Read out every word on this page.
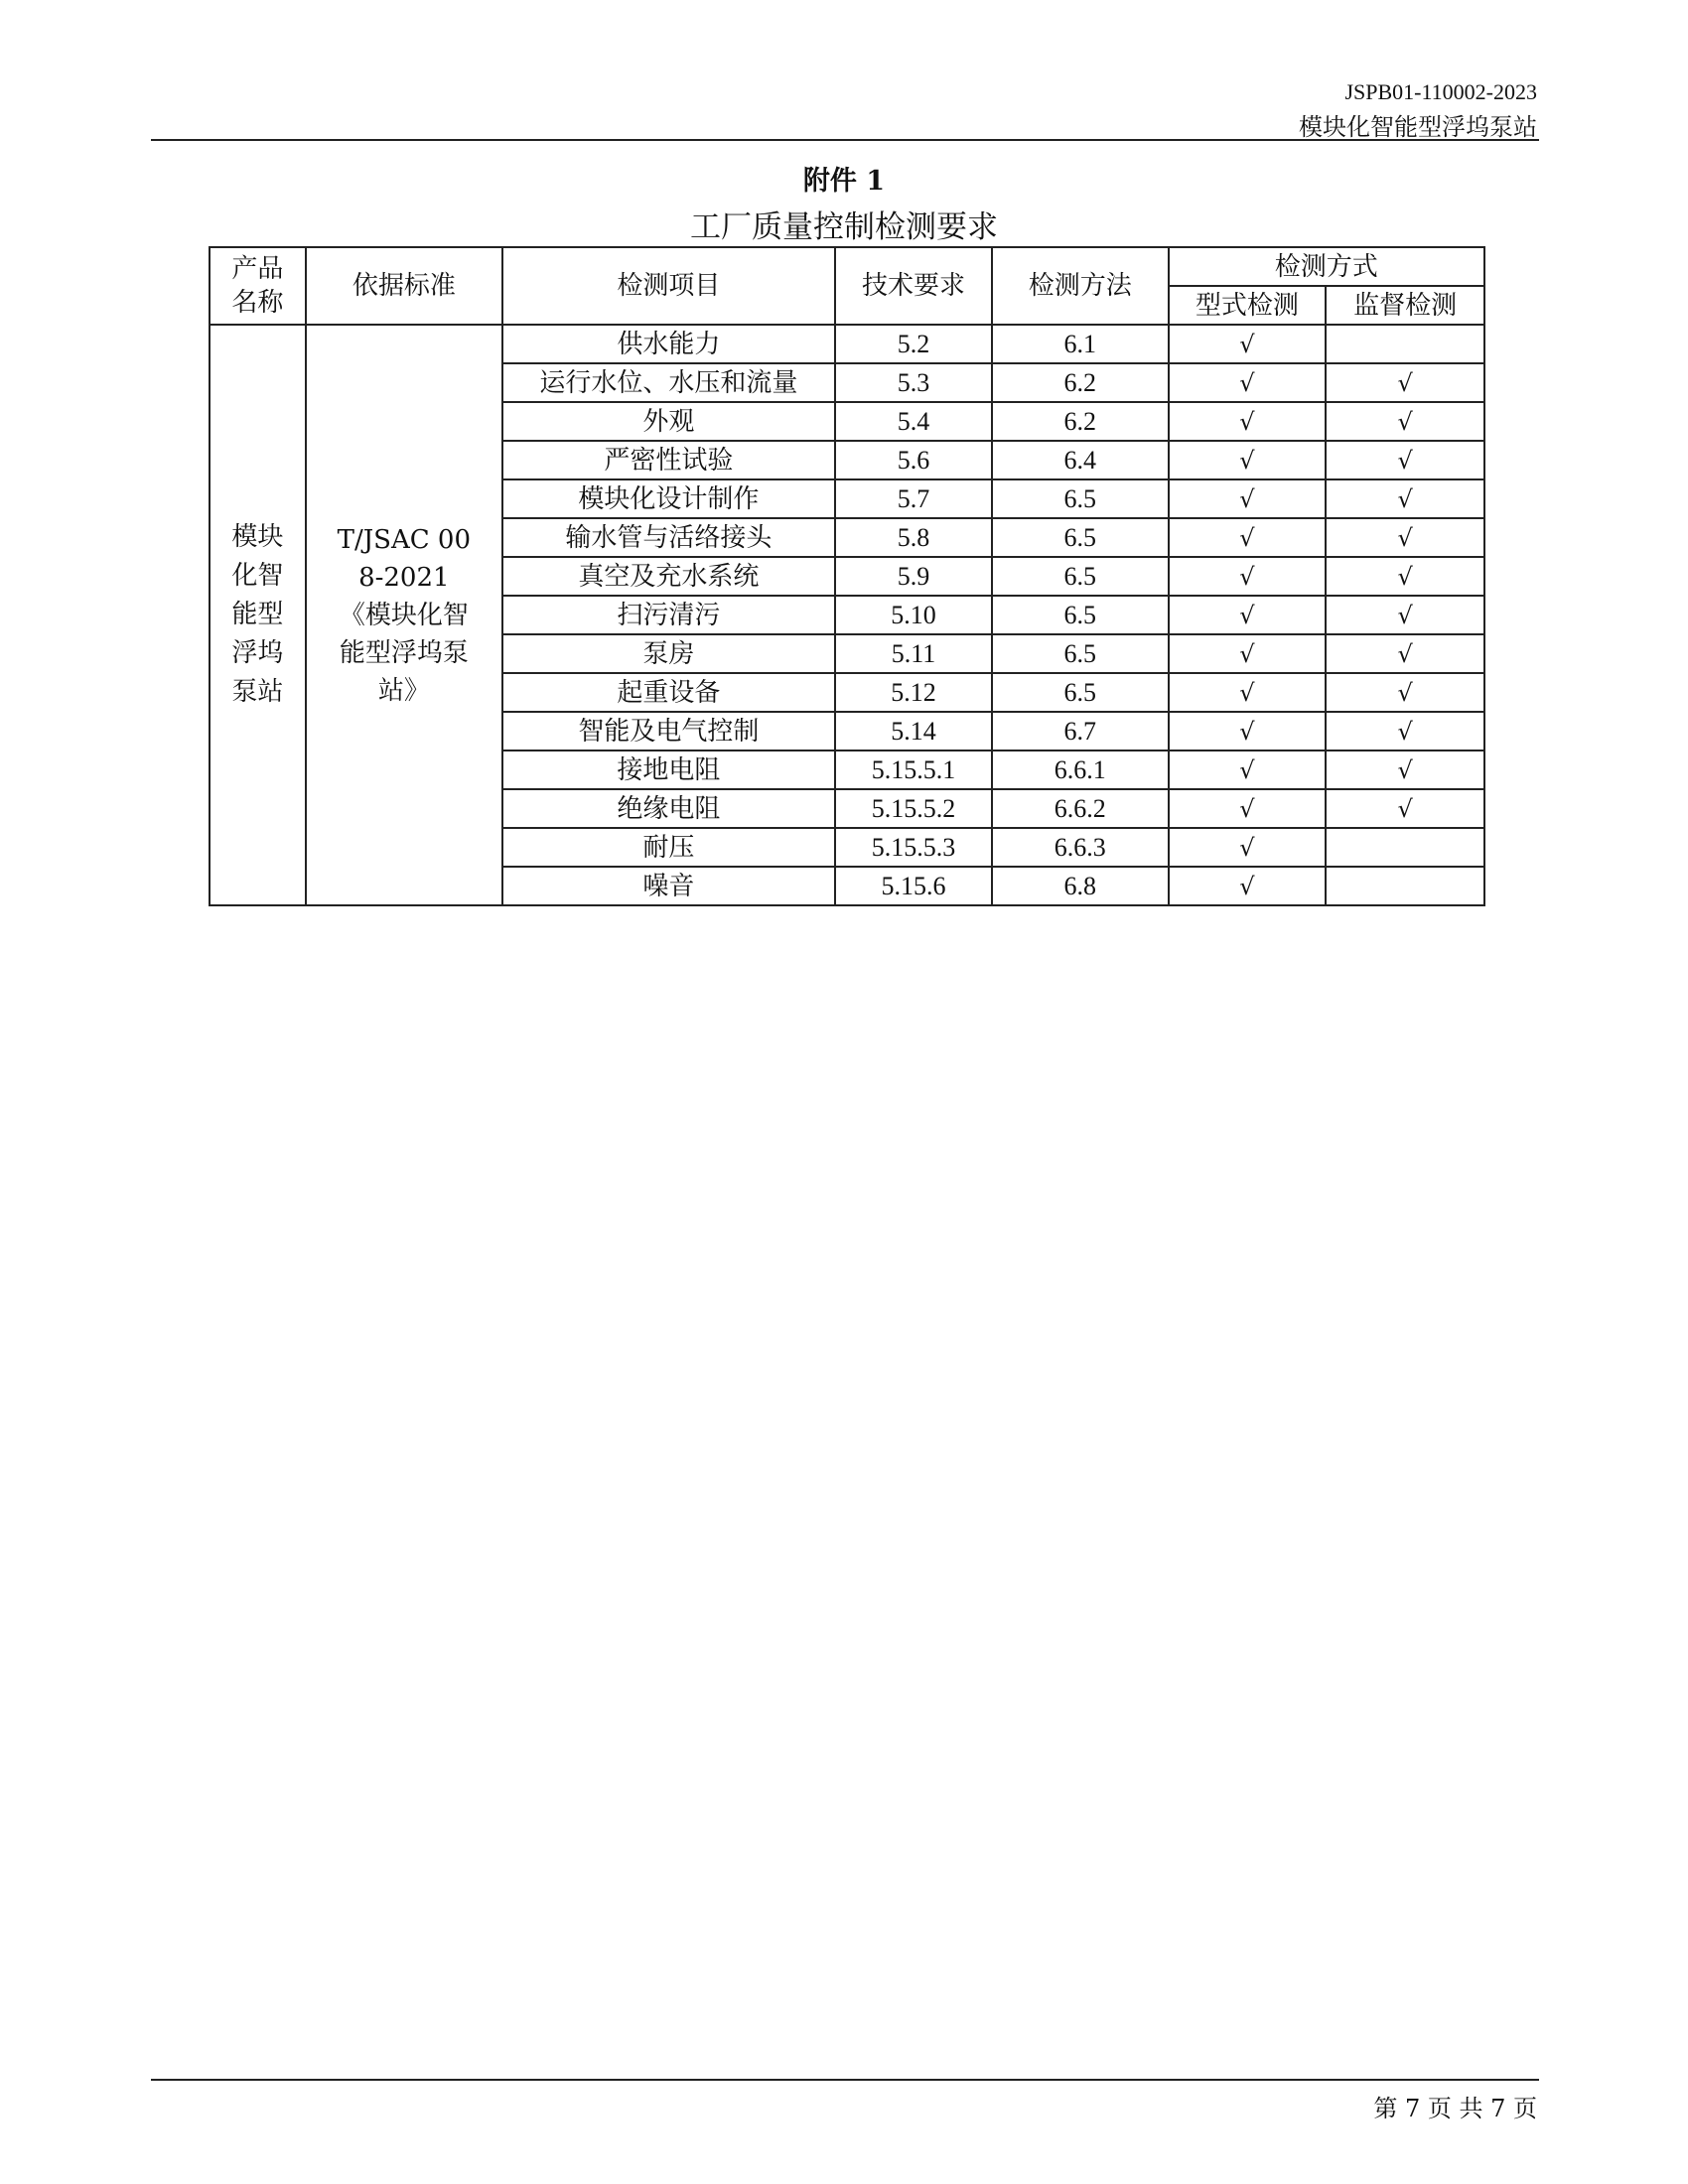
JSPB01-110002-2023
模块化智能型浮坞泵站
附件 1
工厂质量控制检测要求
产品名称	依据标准	检测项目	技术要求	检测方法	检测方式	
					型式检测	监督检测

模块化智能型浮坞泵站	T/JSAC 008-2021《模块化智能型浮坞泵站》	供水能力	5.2	6.1	√	
		运行水位、水压和流量	5.3	6.2	√	√
		外观	5.4	6.2	√	√
		严密性试验	5.6	6.4	√	√
		模块化设计制作	5.7	6.5	√	√
		输水管与活络接头	5.8	6.5	√	√
		真空及充水系统	5.9	6.5	√	√
		扫污清污	5.10	6.5	√	√
		泵房	5.11	6.5	√	√
		起重设备	5.12	6.5	√	√
		智能及电气控制	5.14	6.7	√	√
		接地电阻	5.15.5.1	6.6.1	√	√
		绝缘电阻	5.15.5.2	6.6.2	√	√
		耐压	5.15.5.3	6.6.3	√	
		噪音	5.15.6	6.8	√	
第 7 页 共 7 页
